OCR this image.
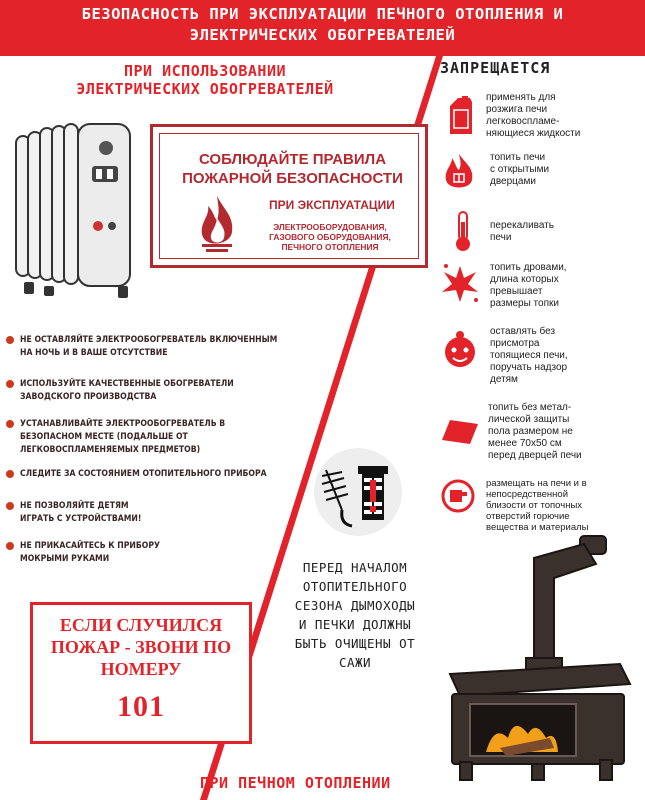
БЕЗОПАСНОСТЬ ПРИ ЭКСПЛУАТАЦИИ ПЕЧНОГО ОТОПЛЕНИЯ И
ЭЛЕКТРИЧЕСКИХ ОБОГРЕВАТЕЛЕЙ
ПРИ ИСПОЛЬЗОВАНИИ
ЭЛЕКТРИЧЕСКИХ ОБОГРЕВАТЕЛЕЙ
ЗАПРЕЩАЕТСЯ
СОБЛЮДАЙТЕ ПРАВИЛА
ПОЖАРНОЙ БЕЗОПАСНОСТИ
ПРИ ЭКСПЛУАТАЦИИ
ЭЛЕКТРООБОРУДОВАНИЯ,
ГАЗОВОГО ОБОРУДОВАНИЯ,
ПЕЧНОГО ОТОПЛЕНИЯ
НЕ ОСТАВЛЯЙТЕ ЭЛЕКТРООБОГРЕВАТЕЛЬ ВКЛЮЧЕННЫМ
НА НОЧЬ И В ВАШЕ ОТСУТСТВИЕ
ИСПОЛЬЗУЙТЕ КАЧЕСТВЕННЫЕ ОБОГРЕВАТЕЛИ
ЗАВОДСКОГО ПРОИЗВОДСТВА
УСТАНАВЛИВАЙТЕ ЭЛЕКТРООБОГРЕВАТЕЛЬ В
БЕЗОПАСНОМ МЕСТЕ (ПОДАЛЬШЕ ОТ
ЛЕГКОВОСПЛАМЕНЯЕМЫХ ПРЕДМЕТОВ)
СЛЕДИТЕ ЗА СОСТОЯНИЕМ ОТОПИТЕЛЬНОГО ПРИБОРА
НЕ ПОЗВОЛЯЙТЕ ДЕТЯМ
ИГРАТЬ С УСТРОЙСТВАМИ!
НЕ ПРИКАСАЙТЕСЬ К ПРИБОРУ
МОКРЫМИ РУКАМИ
применять для
розжига печи
легковоспламе-
няющиеся жидкости
топить печи
с открытыми
дверцами
перекаливать
печи
топить дровами,
длина которых
превышает
размеры топки
оставлять без
присмотра
топящиеся печи,
поручать надзор
детям
топить без метал-
лической защиты
пола размером не
менее 70х50 см
перед дверцей печи
размещать на печи и в
непосредственной
близости от топочных
отверстий горючие
вещества и материалы
ЕСЛИ СЛУЧИЛСЯ
ПОЖАР - ЗВОНИ ПО
НОМЕРУ
101
ПЕРЕД НАЧАЛОМ
ОТОПИТЕЛЬНОГО
СЕЗОНА ДЫМОХОДЫ
И ПЕЧКИ ДОЛЖНЫ
БЫТЬ ОЧИЩЕНЫ ОТ
САЖИ
ПРИ ПЕЧНОМ ОТОПЛЕНИИ
